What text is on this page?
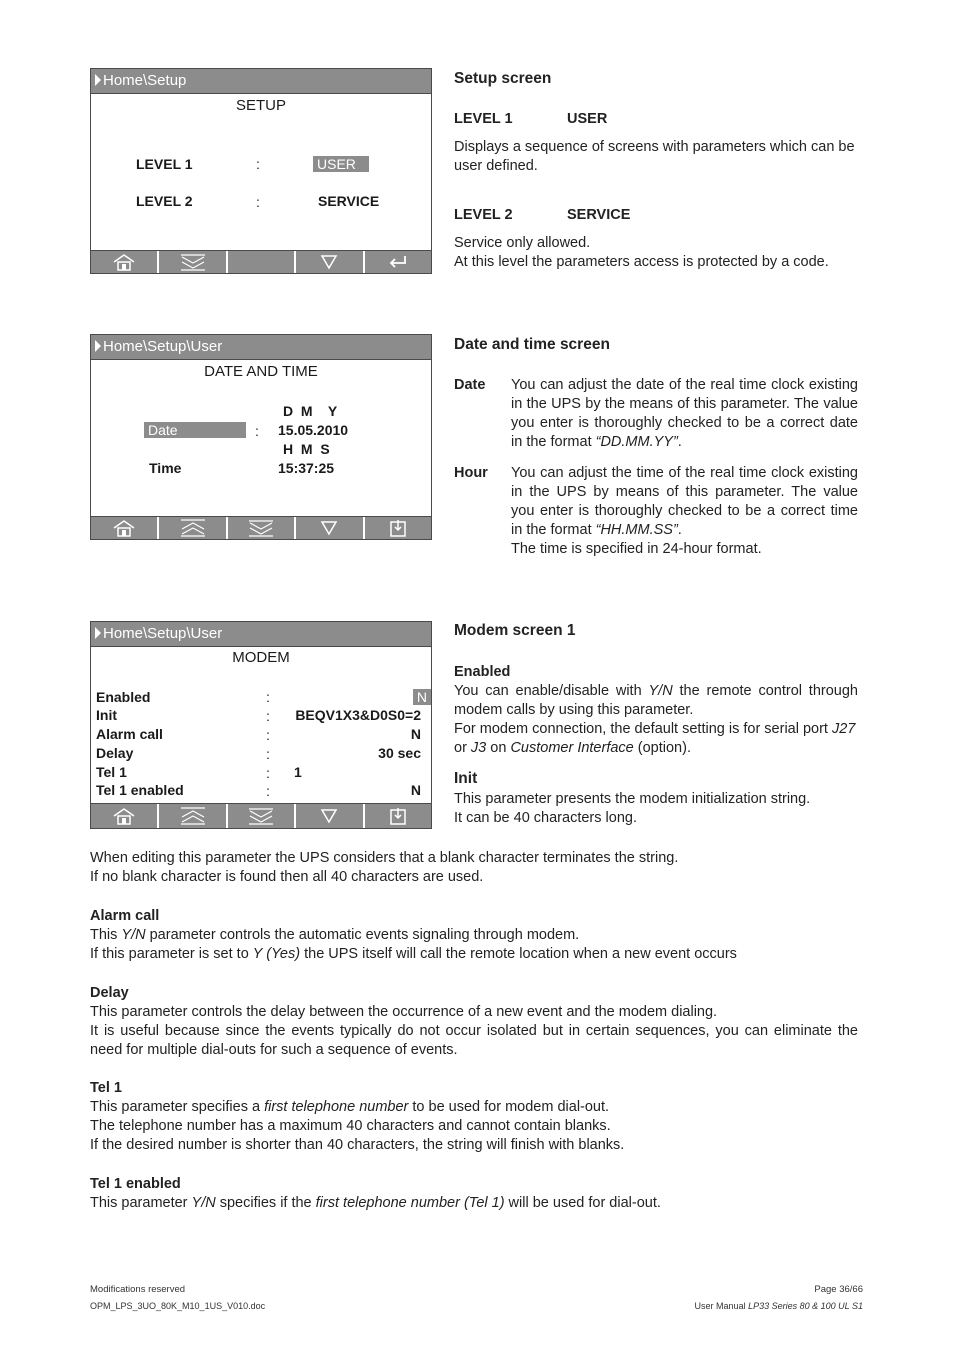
Home\Setup
SETUP
LEVEL 1	:	USER
LEVEL 2	:	SERVICE
Setup screen
LEVEL 1	USER
Displays a sequence of screens with parameters which can be user defined.
LEVEL 2	SERVICE
Service only allowed.
At this level the parameters access is protected by a code.
Home\Setup\User
DATE AND TIME
D  M    Y
Date	: 15.05.2010
H  M  S
Time	15:37:25
Date and time screen
Date You can adjust the date of the real time clock existing in the UPS by the means of this parameter. The value you enter is thoroughly checked to be a correct date in the format “DD.MM.YY”.
Hour You can adjust the time of the real time clock existing in the UPS by means of this parameter. The value you enter is thoroughly checked to be a correct time in the format “HH.MM.SS”.
The time is specified in 24-hour format.
Home\Setup\User
MODEM
Enabled	:	N
Init	: BEQV1X3&D0S0=2
Alarm call	:	N
Delay	:	30 sec
Tel 1	: 1
Tel 1 enabled	:	N
Modem screen 1
Enabled
You can enable/disable with Y/N the remote control through modem calls by using this parameter.
For modem connection, the default setting is for serial port J27 or J3 on Customer Interface (option).
Init
This parameter presents the modem initialization string.
It can be 40 characters long.
When editing this parameter the UPS considers that a blank character terminates the string.
If no blank character is found then all 40 characters are used.
Alarm call
This Y/N parameter controls the automatic events signaling through modem.
If this parameter is set to Y (Yes) the UPS itself will call the remote location when a new event occurs
Delay
This parameter controls the delay between the occurrence of a new event and the modem dialing.
It is useful because since the events typically do not occur isolated but in certain sequences, you can eliminate the need for multiple dial-outs for such a sequence of events.
Tel 1
This parameter specifies a first telephone number to be used for modem dial-out.
The telephone number has a maximum 40 characters and cannot contain blanks.
If the desired number is shorter than 40 characters, the string will finish with blanks.
Tel 1 enabled
This parameter Y/N specifies if the first telephone number (Tel 1) will be used for dial-out.
Modifications reserved
OPM_LPS_3UO_80K_M10_1US_V010.doc
Page 36/66
User Manual LP33 Series 80 & 100 UL S1
